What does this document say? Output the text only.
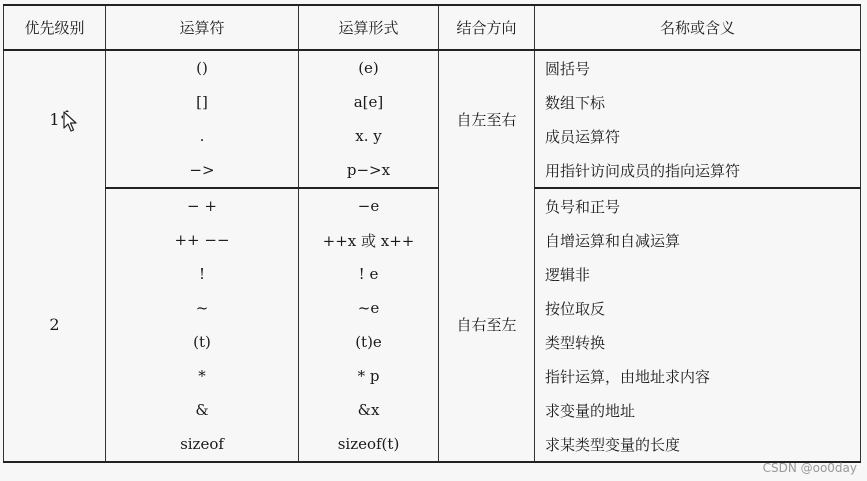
优先级别	运算符	运算形式	结合方向	名称或含义
1	()	(e)	自左至右	圆括号
	[]	a[e]		数组下标
	.	x. y		成员运算符
	−>	p−>x		用指针访问成员的指向运算符
2	− +	−e	自右至左	负号和正号
	++ −−	++x 或 x++		自增运算和自减运算
	!	! e		逻辑非
	~	~e		按位取反
	(t)	(t)e		类型转换
	*	* p		指针运算，由地址求内容
	&	&x		求变量的地址
	sizeof	sizeof(t)		求某类型变量的长度
CSDN @oo0day
